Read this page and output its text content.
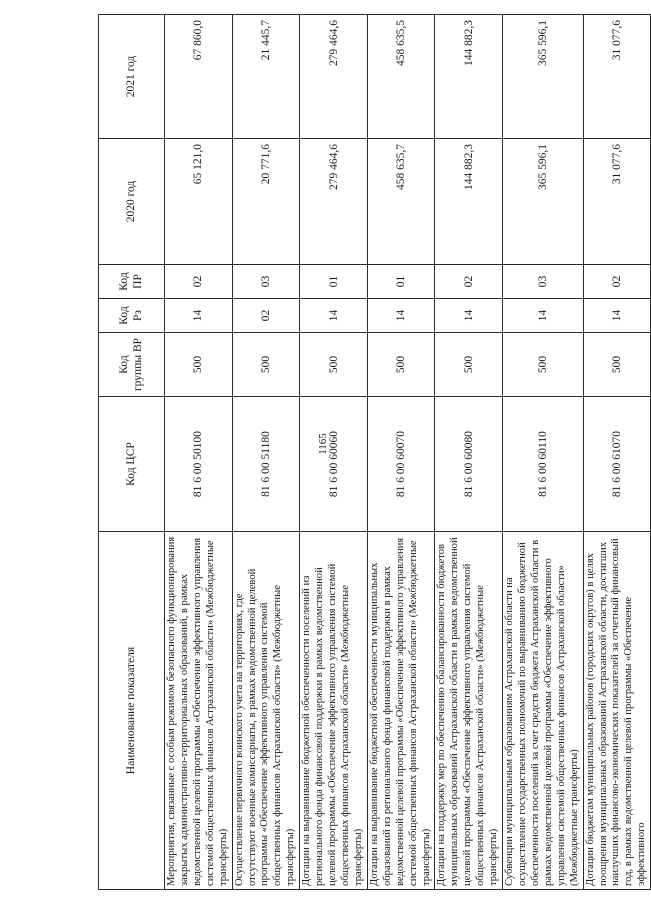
1165
Наименование показателя	Код ЦСР	Код группы ВР	Код Рз	Код ПР	2020 год	2021 год
Мероприятия, связанные с особым режимом безопасного функционирования закрытых административно-территориальных образований, в рамках ведомственной целевой программы «Обеспечение эффективного управления системой общественных финансов Астраханской области» (Межбюджетные трансферты)	81 6 00 50100	500	14	02	65 121,0	67 860,0
Осуществление первичного воинского учета на территориях, где отсутствуют военные комиссариаты, в рамках ведомственной целевой программы «Обеспечение эффективного управления системой общественных финансов Астраханской области» (Межбюджетные трансферты)	81 6 00 51180	500	02	03	20 771,6	21 445,7
Дотации на выравнивание бюджетной обеспеченности поселений из регионального фонда финансовой поддержки в рамках ведомственной целевой программы «Обеспечение эффективного управления системой общественных финансов Астраханской области» (Межбюджетные трансферты)	81 6 00 60060	500	14	01	279 464,6	279 464,6
Дотации на выравнивание бюджетной обеспеченности муниципальных образований из регионального фонда финансовой поддержки в рамках ведомственной целевой программы «Обеспечение эффективного управления системой общественных финансов Астраханской области» (Межбюджетные трансферты)	81 6 00 60070	500	14	01	458 635,7	458 635,5
Дотации на поддержку мер по обеспечению сбалансированности бюджетов муниципальных образований Астраханской области в рамках ведомственной целевой программы «Обеспечение эффективного управления системой общественных финансов Астраханской области» (Межбюджетные трансферты)	81 6 00 60080	500	14	02	144 882,3	144 882,3
Субвенции муниципальным образованиям Астраханской области на осуществление государственных полномочий по выравниванию бюджетной обеспеченности поселений за счет средств бюджета Астраханской области в рамках ведомственной целевой программы «Обеспечение эффективного управления системой общественных финансов Астраханской области» (Межбюджетные трансферты)	81 6 00 60110	500	14	03	365 596,1	365 596,1
Дотации бюджетам муниципальных районов (городских округов) в целях поощрения муниципальных образований Астраханской области, достигших наилучших финансово-экономических показателей за отчетный финансовый год, в рамках ведомственной целевой программы «Обеспечение эффективного	81 6 00 61070	500	14	02	31 077,6	31 077,6
